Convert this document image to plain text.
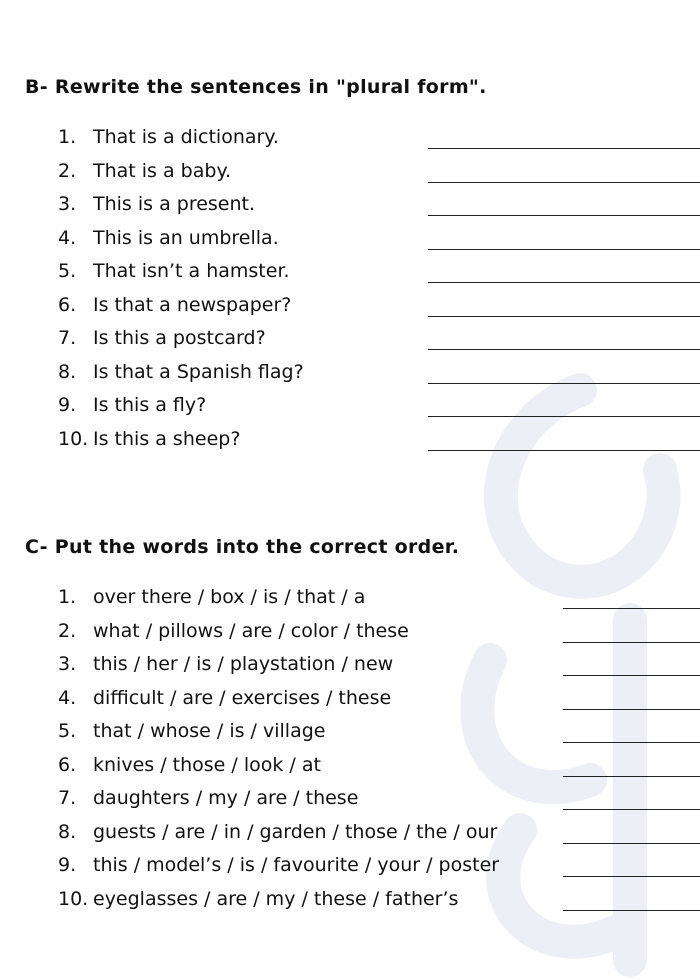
B- Rewrite the sentences in "plural form".
1. That is a dictionary.
2. That is a baby.
3. This is a present.
4. This is an umbrella.
5. That isn’t a hamster.
6. Is that a newspaper?
7. Is this a postcard?
8. Is that a Spanish flag?
9. Is this a fly?
10. Is this a sheep?
C- Put the words into the correct order.
1. over there / box / is / that / a
2. what / pillows / are / color / these
3. this / her / is / playstation / new
4. difficult / are / exercises / these
5. that / whose / is / village
6. knives / those / look / at
7. daughters / my / are / these
8. guests / are / in / garden / those / the / our
9. this / model’s / is / favourite / your / poster
10. eyeglasses / are / my / these / father’s
